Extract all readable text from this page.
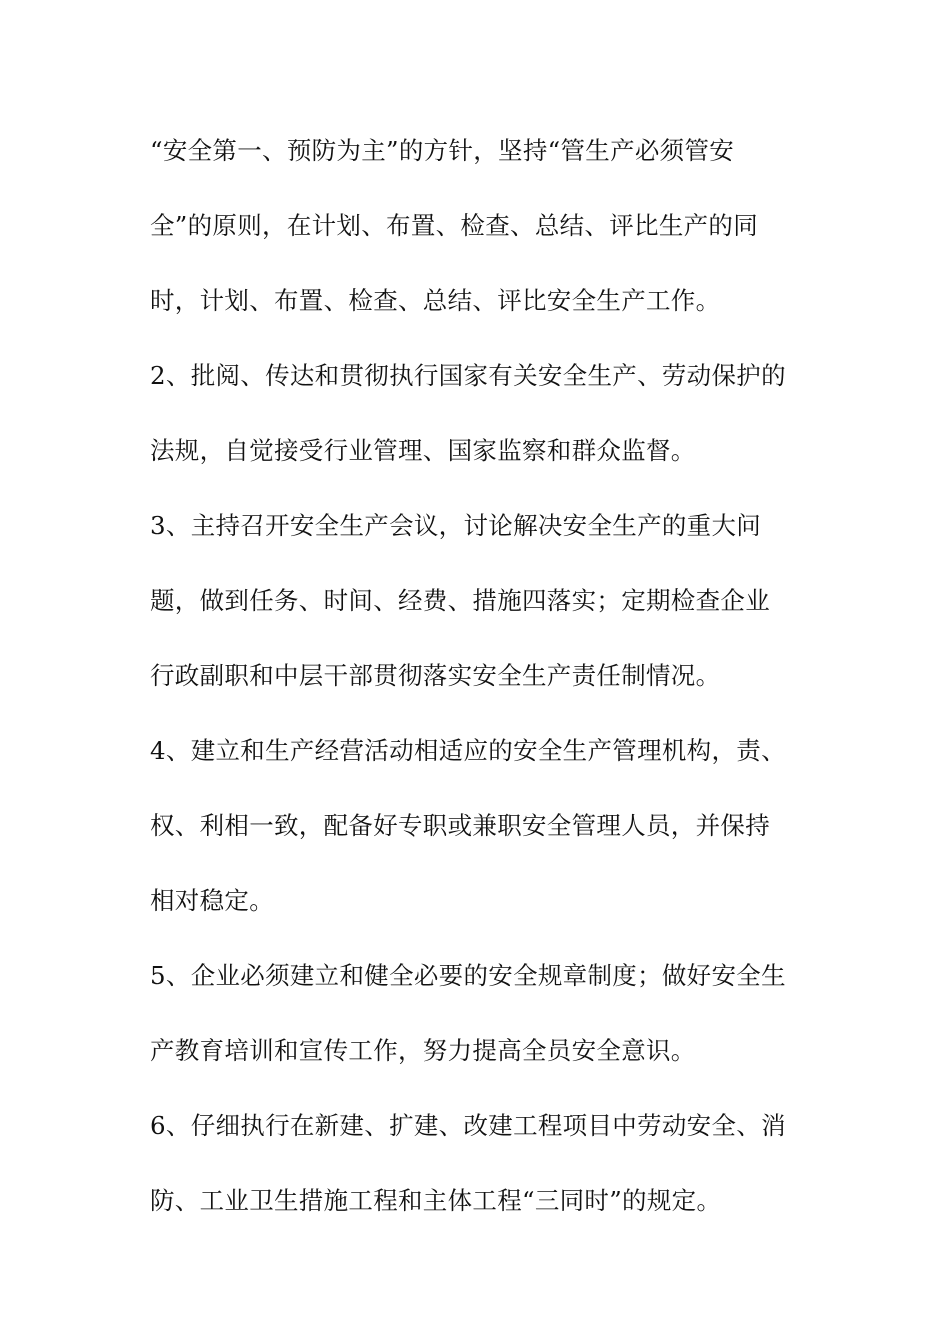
“安全第一、预防为主”的方针，坚持“管生产必须管安
全”的原则，在计划、布置、检查、总结、评比生产的同
时，计划、布置、检查、总结、评比安全生产工作。
2、批阅、传达和贯彻执行国家有关安全生产、劳动保护的
法规，自觉接受行业管理、国家监察和群众监督。
3、主持召开安全生产会议，讨论解决安全生产的重大问
题，做到任务、时间、经费、措施四落实；定期检查企业
行政副职和中层干部贯彻落实安全生产责任制情况。
4、建立和生产经营活动相适应的安全生产管理机构，责、
权、利相一致，配备好专职或兼职安全管理人员，并保持
相对稳定。
5、企业必须建立和健全必要的安全规章制度；做好安全生
产教育培训和宣传工作，努力提高全员安全意识。
6、仔细执行在新建、扩建、改建工程项目中劳动安全、消
防、工业卫生措施工程和主体工程“三同时”的规定。
